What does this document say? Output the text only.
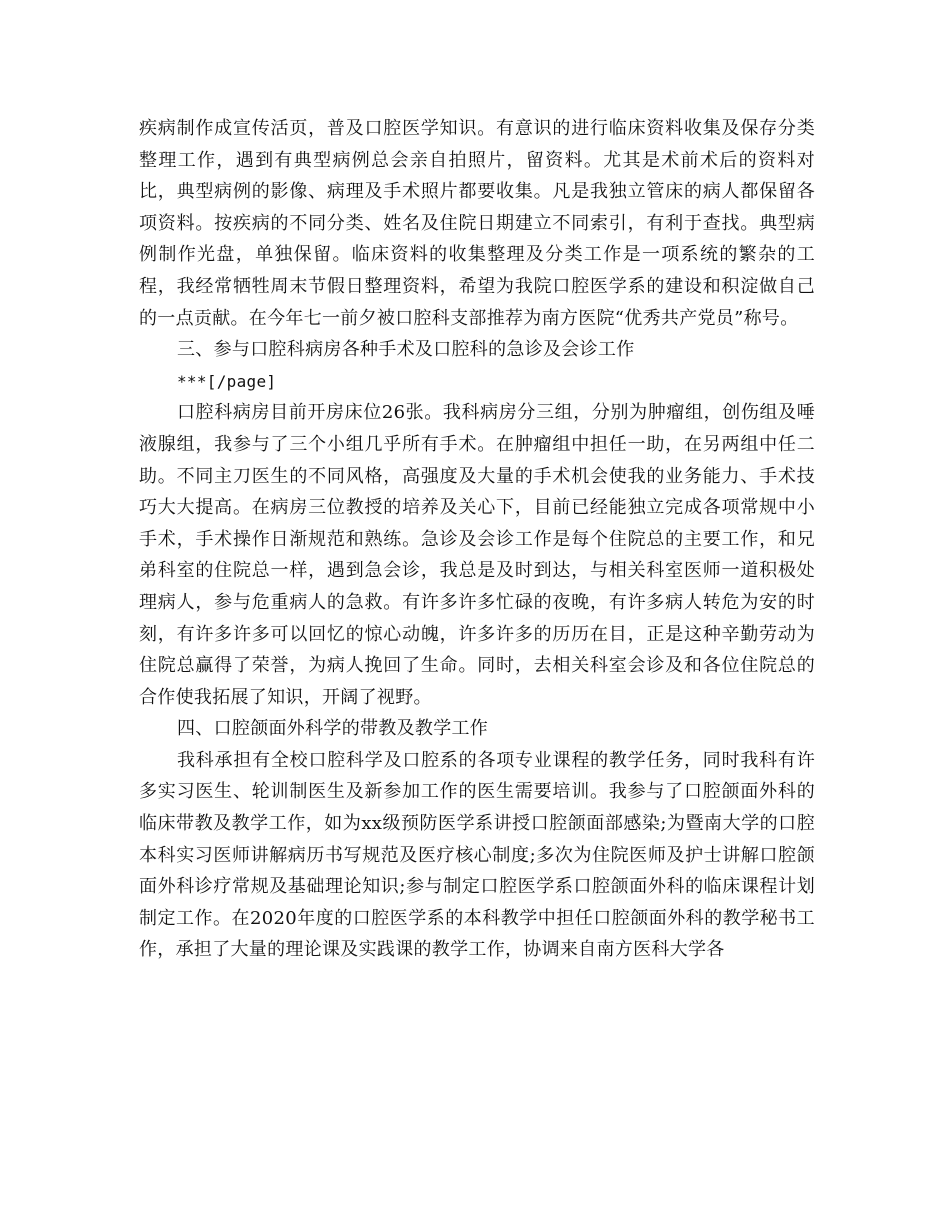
疾病制作成宣传活页，普及口腔医学知识。有意识的进行临床资料收集及保存分类整理工作，遇到有典型病例总会亲自拍照片，留资料。尤其是术前术后的资料对比，典型病例的影像、病理及手术照片都要收集。凡是我独立管床的病人都保留各项资料。按疾病的不同分类、姓名及住院日期建立不同索引，有利于查找。典型病例制作光盘，单独保留。临床资料的收集整理及分类工作是一项系统的繁杂的工程，我经常牺牲周末节假日整理资料，希望为我院口腔医学系的建设和积淀做自己的一点贡献。在今年七一前夕被口腔科支部推荐为南方医院“优秀共产党员”称号。

三、参与口腔科病房各种手术及口腔科的急诊及会诊工作

***[/page]

口腔科病房目前开房床位26张。我科病房分三组，分别为肿瘤组，创伤组及唾液腺组，我参与了三个小组几乎所有手术。在肿瘤组中担任一助，在另两组中任二助。不同主刀医生的不同风格，高强度及大量的手术机会使我的业务能力、手术技巧大大提高。在病房三位教授的培养及关心下，目前已经能独立完成各项常规中小手术，手术操作日渐规范和熟练。急诊及会诊工作是每个住院总的主要工作，和兄弟科室的住院总一样，遇到急会诊，我总是及时到达，与相关科室医师一道积极处理病人，参与危重病人的急救。有许多许多忙碌的夜晚，有许多病人转危为安的时刻，有许多许多可以回忆的惊心动魄，许多许多的历历在目，正是这种辛勤劳动为住院总赢得了荣誉，为病人挽回了生命。同时，去相关科室会诊及和各位住院总的合作使我拓展了知识，开阔了视野。

四、口腔颌面外科学的带教及教学工作

我科承担有全校口腔科学及口腔系的各项专业课程的教学任务，同时我科有许多实习医生、轮训制医生及新参加工作的医生需要培训。我参与了口腔颌面外科的临床带教及教学工作，如为xx级预防医学系讲授口腔颌面部感染;为暨南大学的口腔本科实习医师讲解病历书写规范及医疗核心制度;多次为住院医师及护士讲解口腔颌面外科诊疗常规及基础理论知识;参与制定口腔医学系口腔颌面外科的临床课程计划制定工作。在2020年度的口腔医学系的本科教学中担任口腔颌面外科的教学秘书工作，承担了大量的理论课及实践课的教学工作，协调来自南方医科大学各
